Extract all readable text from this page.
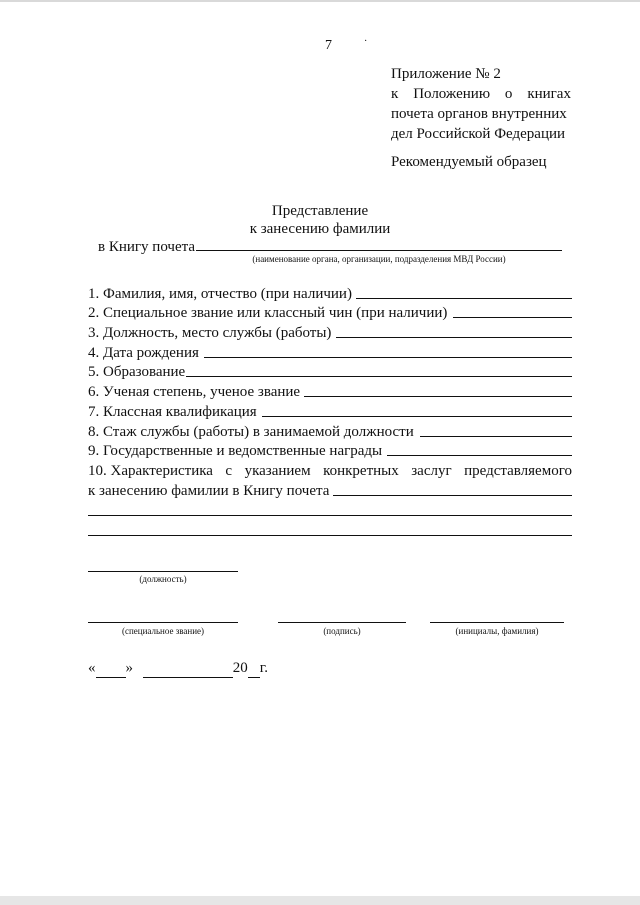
7	·
Приложение № 2
к Положению о книгах
почета органов внутренних
дел Российской Федерации
Рекомендуемый образец
Представление
к занесению фамилии
в Книгу почета
(наименование органа, организации, подразделения МВД России)
1. Фамилия, имя, отчество (при наличии)
2. Специальное звание или классный чин (при наличии)
3. Должность, место службы (работы)
4. Дата рождения
5. Образование
6. Ученая степень, ученое звание
7. Классная квалификация
8. Стаж службы (работы) в занимаемой должности
9. Государственные и ведомственные награды
10. Характеристика с указанием конкретных заслуг представляемого
к занесению фамилии в Книгу почета
(должность)
(специальное звание)	(подпись)	(инициалы, фамилия)
« »	20 г.
